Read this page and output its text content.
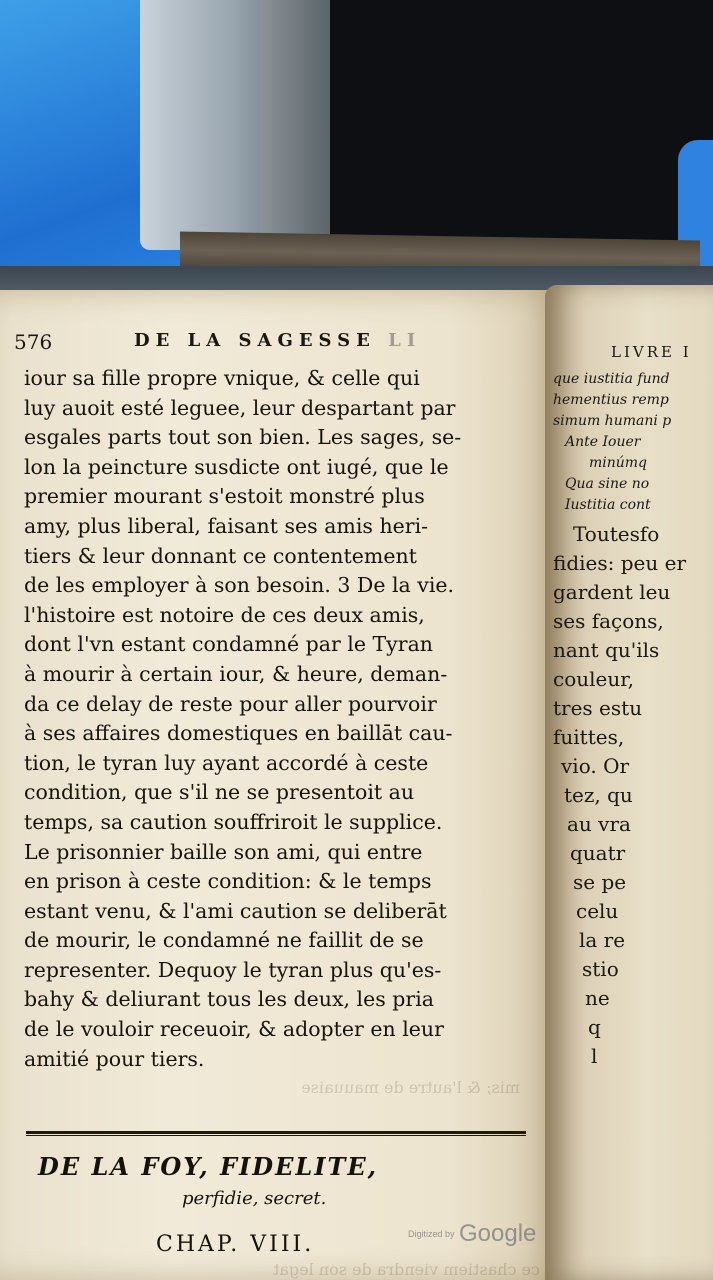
LIVRE I
que iustitia fund
hementius remp
simum humani p
Ante Iouer
minúmq
Qua sine no
Iustitia cont
Toutesfo
fidies: peu er
gardent leu
ses façons,
nant qu'ils
couleur,
tres estu
fuittes,
vio. Or
tez, qu
au vra
quatr
se pe
celu
la re
stio
ne
q
l
576	DE LA SAGESSE LI
iour sa fille propre vnique, & celle qui
luy auoit esté leguee, leur despartant par
esgales parts tout son bien. Les sages, se-
lon la peincture susdicte ont iugé, que le
premier mourant s'estoit monstré plus
amy, plus liberal, faisant ses amis heri-
tiers & leur donnant ce contentement
de les employer à son besoin. 3 De la vie.
l'histoire est notoire de ces deux amis,
dont l'vn estant condamné par le Tyran
à mourir à certain iour, & heure, deman-
da ce delay de reste pour aller pourvoir
à ses affaires domestiques en baillāt cau-
tion, le tyran luy ayant accordé à ceste
condition, que s'il ne se presentoit au
temps, sa caution souffriroit le supplice.
Le prisonnier baille son ami, qui entre
en prison à ceste condition: & le temps
estant venu, & l'ami caution se deliberāt
de mourir, le condamné ne faillit de se
representer. Dequoy le tyran plus qu'es-
bahy & deliurant tous les deux, les pria
de le vouloir receuoir, & adopter en leur
amitié pour tiers.
mis; & l'autre de mauuaise
ce chastiem viendra de son legat
DE LA FOY, FIDELITE,
perfidie, secret.
CHAP. VIII.	Digitized by Google
